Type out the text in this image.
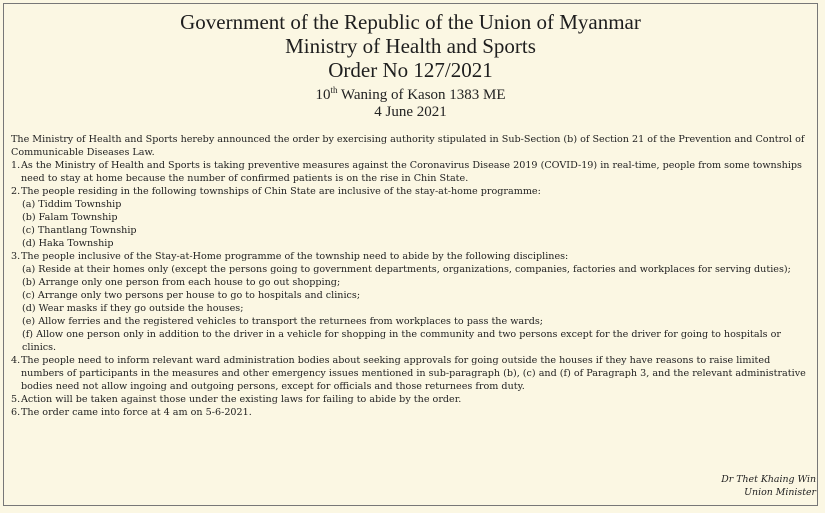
Government of the Republic of the Union of Myanmar
Ministry of Health and Sports
Order No 127/2021
10th Waning of Kason 1383 ME
4 June 2021

The Ministry of Health and Sports hereby announced the order by exercising authority stipulated in Sub-Section (b) of Section 21 of the Prevention and Control of Communicable Diseases Law.

1. As the Ministry of Health and Sports is taking preventive measures against the Coronavirus Disease 2019 (COVID-19) in real-time, people from some townships need to stay at home because the number of confirmed patients is on the rise in Chin State.
2. The people residing in the following townships of Chin State are inclusive of the stay-at-home programme:
(a) Tiddim Township
(b) Falam Township
(c) Thantlang Township
(d) Haka Township
3. The people inclusive of the Stay-at-Home programme of the township need to abide by the following disciplines:
(a) Reside at their homes only (except the persons going to government departments, organizations, companies, factories and workplaces for serving duties);
(b) Arrange only one person from each house to go out shopping;
(c) Arrange only two persons per house to go to hospitals and clinics;
(d) Wear masks if they go outside the houses;
(e) Allow ferries and the registered vehicles to transport the returnees from workplaces to pass the wards;
(f) Allow one person only in addition to the driver in a vehicle for shopping in the community and two persons except for the driver for going to hospitals or clinics.
4. The people need to inform relevant ward administration bodies about seeking approvals for going outside the houses if they have reasons to raise limited numbers of participants in the measures and other emergency issues mentioned in sub-paragraph (b), (c) and (f) of Paragraph 3, and the relevant administrative bodies need not allow ingoing and outgoing persons, except for officials and those returnees from duty.
5. Action will be taken against those under the existing laws for failing to abide by the order.
6. The order came into force at 4 am on 5-6-2021.
Dr Thet Khaing Win
Union Minister
